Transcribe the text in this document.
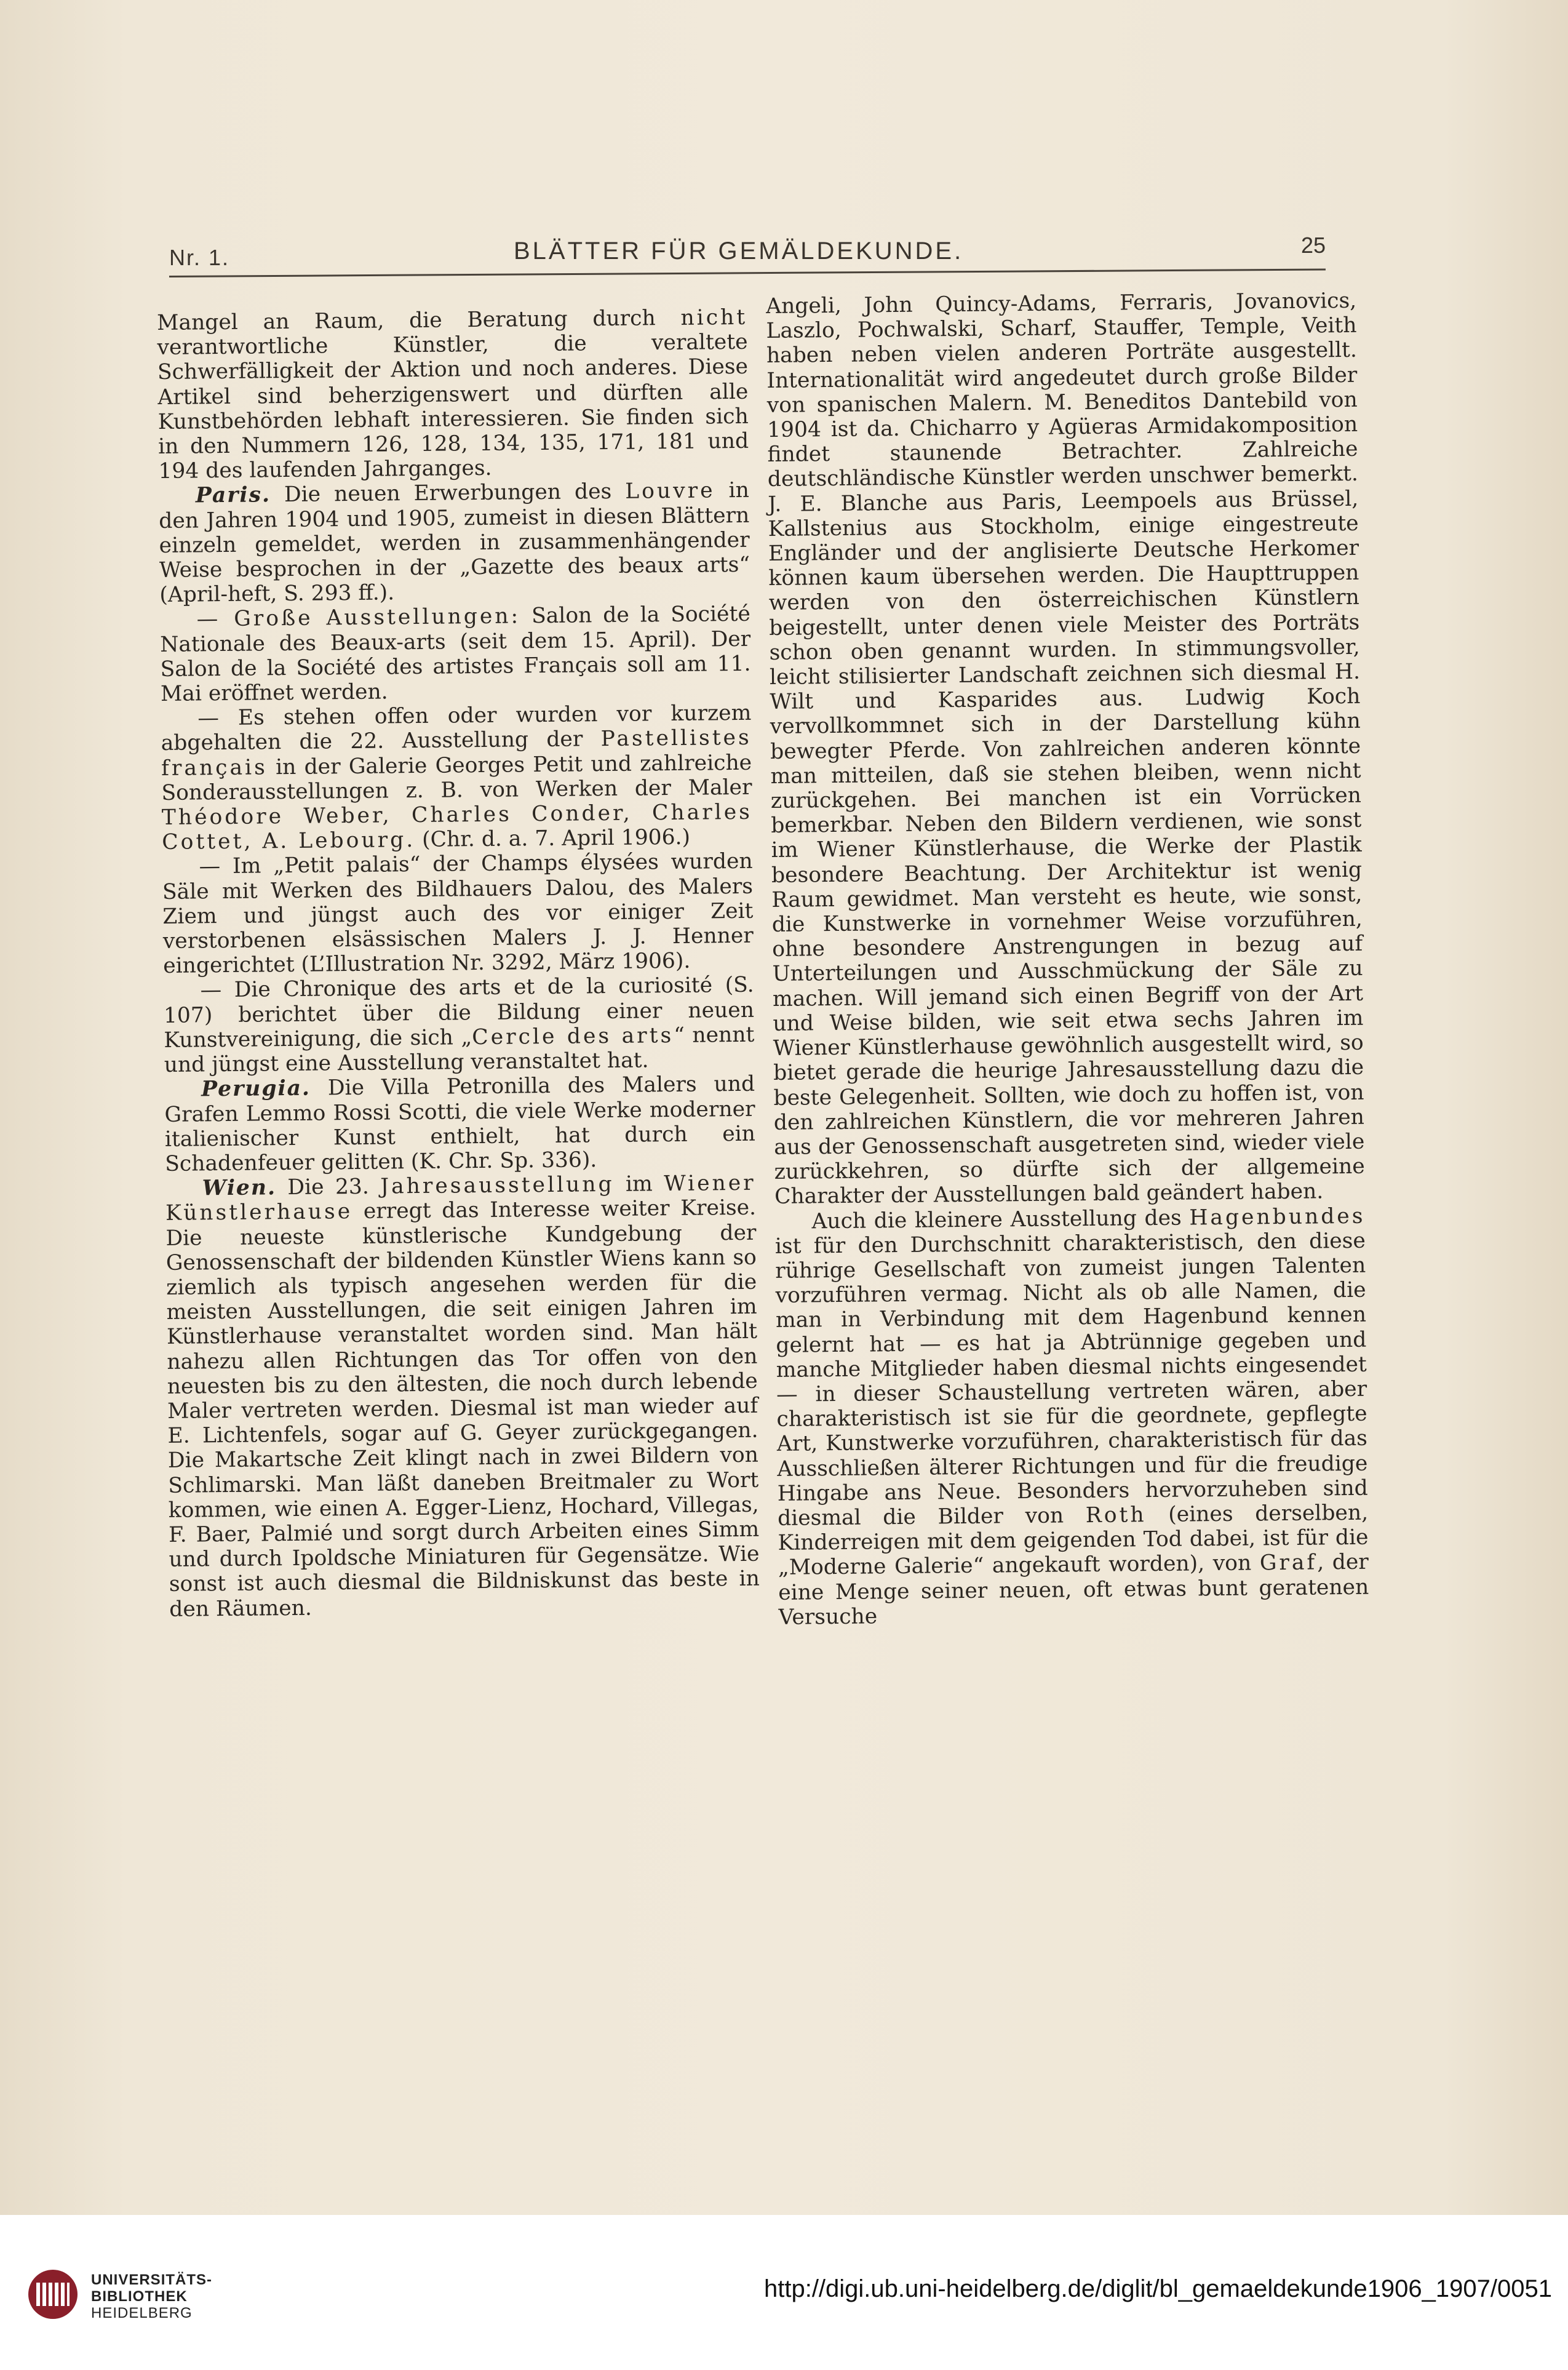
Nr. 1.	BLÄTTER FÜR GEMÄLDEKUNDE.	25

Mangel an Raum, die Beratung durch nicht verantwortliche Künstler, die veraltete Schwerfälligkeit der Aktion und noch anderes. Diese Artikel sind beherzigenswert und dürften alle Kunstbehörden lebhaft interessieren. Sie finden sich in den Nummern 126, 128, 134, 135, 171, 181 und 194 des laufenden Jahrganges.

Paris. Die neuen Erwerbungen des Louvre in den Jahren 1904 und 1905, zumeist in diesen Blättern einzeln gemeldet, werden in zusammenhängender Weise besprochen in der „Gazette des beaux arts“ (April-heft, S. 293 ff.).

— Große Ausstellungen: Salon de la Société Nationale des Beaux-arts (seit dem 15. April). Der Salon de la Société des artistes Français soll am 11. Mai eröffnet werden.

— Es stehen offen oder wurden vor kurzem abgehalten die 22. Ausstellung der Pastellistes français in der Galerie Georges Petit und zahlreiche Sonderausstellungen z. B. von Werken der Maler Théodore Weber, Charles Conder, Charles Cottet, A. Lebourg. (Chr. d. a. 7. April 1906.)

— Im „Petit palais“ der Champs élysées wurden Säle mit Werken des Bildhauers Dalou, des Malers Ziem und jüngst auch des vor einiger Zeit verstorbenen elsässischen Malers J. J. Henner eingerichtet (L’Illustration Nr. 3292, März 1906).

— Die Chronique des arts et de la curiosité (S. 107) berichtet über die Bildung einer neuen Kunstvereinigung, die sich „Cercle des arts“ nennt und jüngst eine Ausstellung veranstaltet hat.

Perugia. Die Villa Petronilla des Malers und Grafen Lemmo Rossi Scotti, die viele Werke moderner italienischer Kunst enthielt, hat durch ein Schadenfeuer gelitten (K. Chr. Sp. 336).

Wien. Die 23. Jahresausstellung im Wiener Künstlerhause erregt das Interesse weiter Kreise. Die neueste künstlerische Kundgebung der Genossenschaft der bildenden Künstler Wiens kann so ziemlich als typisch angesehen werden für die meisten Ausstellungen, die seit einigen Jahren im Künstlerhause veranstaltet worden sind. Man hält nahezu allen Richtungen das Tor offen von den neuesten bis zu den ältesten, die noch durch lebende Maler vertreten werden. Diesmal ist man wieder auf E. Lichtenfels, sogar auf G. Geyer zurückgegangen. Die Makartsche Zeit klingt nach in zwei Bildern von Schlimarski. Man läßt daneben Breitmaler zu Wort kommen, wie einen A. Egger-Lienz, Hochard, Villegas, F. Baer, Palmié und sorgt durch Arbeiten eines Simm und durch Ipoldsche Miniaturen für Gegensätze. Wie sonst ist auch diesmal die Bildniskunst das beste in den Räumen.

Angeli, John Quincy-Adams, Ferraris, Jovanovics, Laszlo, Pochwalski, Scharf, Stauffer, Temple, Veith haben neben vielen anderen Porträte ausgestellt. Internationalität wird angedeutet durch große Bilder von spanischen Malern. M. Beneditos Dantebild von 1904 ist da. Chicharro y Agüeras Armidakomposition findet staunende Betrachter. Zahlreiche deutschländische Künstler werden unschwer bemerkt. J. E. Blanche aus Paris, Leempoels aus Brüssel, Kallstenius aus Stockholm, einige eingestreute Engländer und der anglisierte Deutsche Herkomer können kaum übersehen werden. Die Haupttruppen werden von den österreichischen Künstlern beigestellt, unter denen viele Meister des Porträts schon oben genannt wurden. In stimmungsvoller, leicht stilisierter Landschaft zeichnen sich diesmal H. Wilt und Kasparides aus. Ludwig Koch vervollkommnet sich in der Darstellung kühn bewegter Pferde. Von zahlreichen anderen könnte man mitteilen, daß sie stehen bleiben, wenn nicht zurückgehen. Bei manchen ist ein Vorrücken bemerkbar. Neben den Bildern verdienen, wie sonst im Wiener Künstlerhause, die Werke der Plastik besondere Beachtung. Der Architektur ist wenig Raum gewidmet. Man versteht es heute, wie sonst, die Kunstwerke in vornehmer Weise vorzuführen, ohne besondere Anstrengungen in bezug auf Unterteilungen und Ausschmückung der Säle zu machen. Will jemand sich einen Begriff von der Art und Weise bilden, wie seit etwa sechs Jahren im Wiener Künstlerhause gewöhnlich ausgestellt wird, so bietet gerade die heurige Jahresausstellung dazu die beste Gelegenheit. Sollten, wie doch zu hoffen ist, von den zahlreichen Künstlern, die vor mehreren Jahren aus der Genossenschaft ausgetreten sind, wieder viele zurückkehren, so dürfte sich der allgemeine Charakter der Ausstellungen bald geändert haben.

Auch die kleinere Ausstellung des Hagenbundes ist für den Durchschnitt charakteristisch, den diese rührige Gesellschaft von zumeist jungen Talenten vorzuführen vermag. Nicht als ob alle Namen, die man in Verbindung mit dem Hagenbund kennen gelernt hat — es hat ja Abtrünnige gegeben und manche Mitglieder haben diesmal nichts eingesendet — in dieser Schaustellung vertreten wären, aber charakteristisch ist sie für die geordnete, gepflegte Art, Kunstwerke vorzuführen, charakteristisch für das Ausschließen älterer Richtungen und für die freudige Hingabe ans Neue. Besonders hervorzuheben sind diesmal die Bilder von Roth (eines derselben, Kinderreigen mit dem geigenden Tod dabei, ist für die „Moderne Galerie“ angekauft worden), von Graf, der eine Menge seiner neuen, oft etwas bunt geratenen Versuche

UNIVERSITÄTS-
BIBLIOTHEK
HEIDELBERG
http://digi.ub.uni-heidelberg.de/diglit/bl_gemaeldekunde1906_1907/0051
